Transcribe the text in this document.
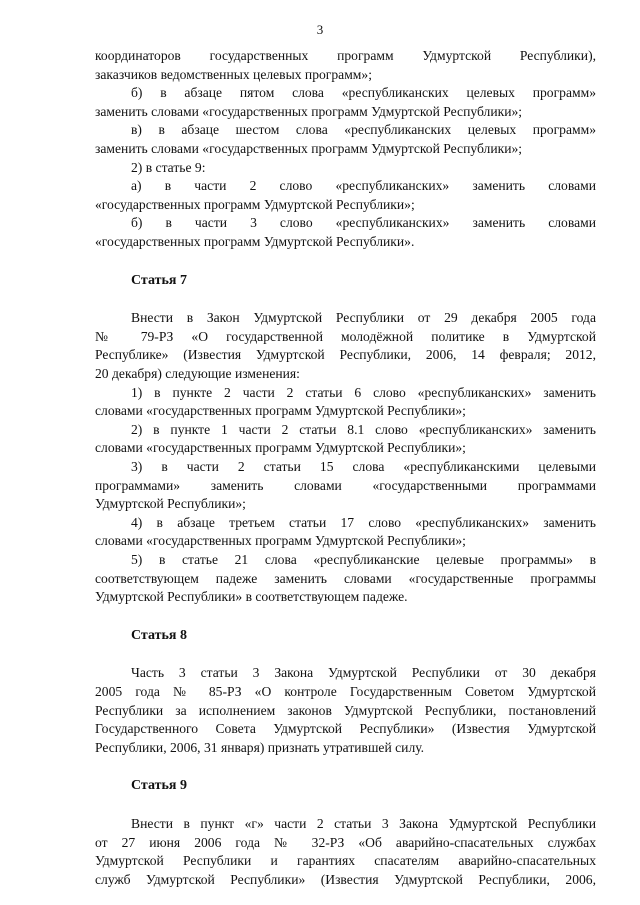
3
координаторов государственных программ Удмуртской Республики),
заказчиков ведомственных целевых программ»;
б) в абзаце пятом слова «республиканских целевых программ»
заменить словами «государственных программ Удмуртской Республики»;
в) в абзаце шестом слова «республиканских целевых программ»
заменить словами «государственных программ Удмуртской Республики»;
2) в статье 9:
а) в части 2 слово «республиканских» заменить словами
«государственных программ Удмуртской Республики»;
б) в части 3 слово «республиканских» заменить словами
«государственных программ Удмуртской Республики».
Статья 7
Внести в Закон Удмуртской Республики от 29 декабря 2005 года
№ 79-РЗ «О государственной молодёжной политике в Удмуртской
Республике» (Известия Удмуртской Республики, 2006, 14 февраля; 2012,
20 декабря) следующие изменения:
1) в пункте 2 части 2 статьи 6 слово «республиканских» заменить
словами «государственных программ Удмуртской Республики»;
2) в пункте 1 части 2 статьи 8.1 слово «республиканских» заменить
словами «государственных программ Удмуртской Республики»;
3) в части 2 статьи 15 слова «республиканскими целевыми
программами» заменить словами «государственными программами
Удмуртской Республики»;
4) в абзаце третьем статьи 17 слово «республиканских» заменить
словами «государственных программ Удмуртской Республики»;
5) в статье 21 слова «республиканские целевые программы» в
соответствующем падеже заменить словами «государственные программы
Удмуртской Республики» в соответствующем падеже.
Статья 8
Часть 3 статьи 3 Закона Удмуртской Республики от 30 декабря
2005 года № 85-РЗ «О контроле Государственным Советом Удмуртской
Республики за исполнением законов Удмуртской Республики, постановлений
Государственного Совета Удмуртской Республики» (Известия Удмуртской
Республики, 2006, 31 января) признать утратившей силу.
Статья 9
Внести в пункт «г» части 2 статьи 3 Закона Удмуртской Республики
от 27 июня 2006 года № 32-РЗ «Об аварийно-спасательных службах
Удмуртской Республики и гарантиях спасателям аварийно-спасательных
служб Удмуртской Республики» (Известия Удмуртской Республики, 2006,
